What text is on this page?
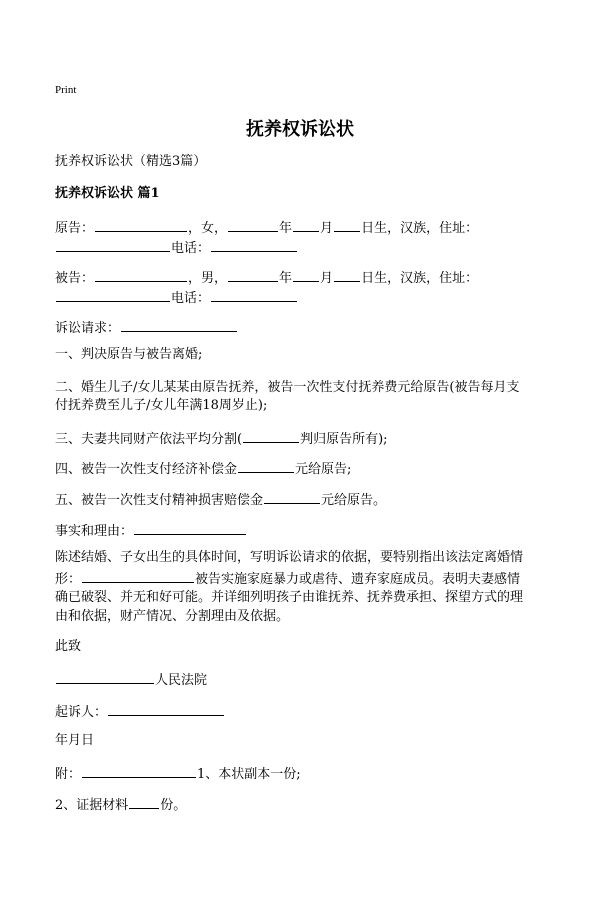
Print
抚养权诉讼状
抚养权诉讼状（精选3篇）
抚养权诉讼状 篇1
原告：	，女，	年 月 日生，汉族，住址：
电话：
被告：	，男，	年 月 日生，汉族，住址：
电话：
诉讼请求：
一、判决原告与被告离婚;
二、婚生儿子/女儿某某由原告抚养，被告一次性支付抚养费元给原告(被告每月支
付抚养费至儿子/女儿年满18周岁止);
三、夫妻共同财产依法平均分割(	判归原告所有);
四、被告一次性支付经济补偿金	元给原告;
五、被告一次性支付精神损害赔偿金	元给原告。
事实和理由：
陈述结婚、子女出生的具体时间，写明诉讼请求的依据，要特别指出该法定离婚情
形：	被告实施家庭暴力或虐待、遗弃家庭成员。表明夫妻感情
确已破裂、并无和好可能。并详细列明孩子由谁抚养、抚养费承担、探望方式的理
由和依据，财产情况、分割理由及依据。
此致
人民法院
起诉人：
年月日
附：	1、本状副本一份;
2、证据材料 份。
